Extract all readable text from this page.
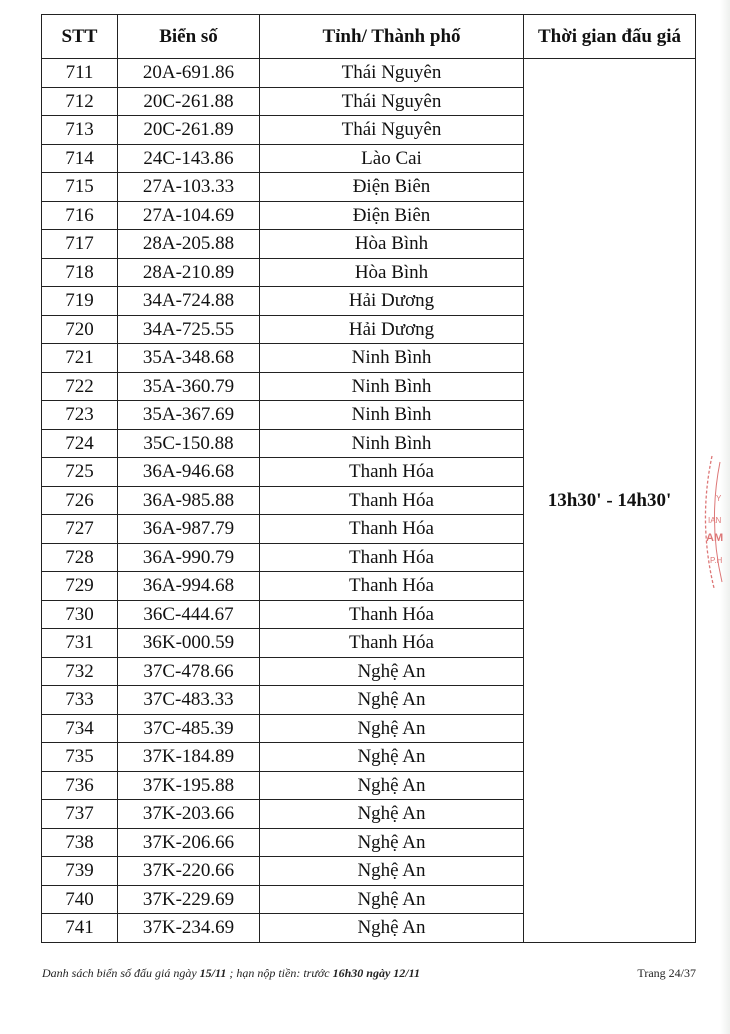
STT	Biển số	Tỉnh/ Thành phố	Thời gian đấu giá
711	20A-691.86	Thái Nguyên	13h30' - 14h30'
712	20C-261.88	Thái Nguyên	
713	20C-261.89	Thái Nguyên	
714	24C-143.86	Lào Cai	
715	27A-103.33	Điện Biên	
716	27A-104.69	Điện Biên	
717	28A-205.88	Hòa Bình	
718	28A-210.89	Hòa Bình	
719	34A-724.88	Hải Dương	
720	34A-725.55	Hải Dương	
721	35A-348.68	Ninh Bình	
722	35A-360.79	Ninh Bình	
723	35A-367.69	Ninh Bình	
724	35C-150.88	Ninh Bình	
725	36A-946.68	Thanh Hóa	
726	36A-985.88	Thanh Hóa	
727	36A-987.79	Thanh Hóa	
728	36A-990.79	Thanh Hóa	
729	36A-994.68	Thanh Hóa	
730	36C-444.67	Thanh Hóa	
731	36K-000.59	Thanh Hóa	
732	37C-478.66	Nghệ An	
733	37C-483.33	Nghệ An	
734	37C-485.39	Nghệ An	
735	37K-184.89	Nghệ An	
736	37K-195.88	Nghệ An	
737	37K-203.66	Nghệ An	
738	37K-206.66	Nghệ An	
739	37K-220.66	Nghệ An	
740	37K-229.69	Nghệ An	
741	37K-234.69	Nghệ An	
Y
IAN
AM
P.H
Danh sách biển số đấu giá ngày 15/11 ; hạn nộp tiền: trước 16h30 ngày 12/11	Trang 24/37
